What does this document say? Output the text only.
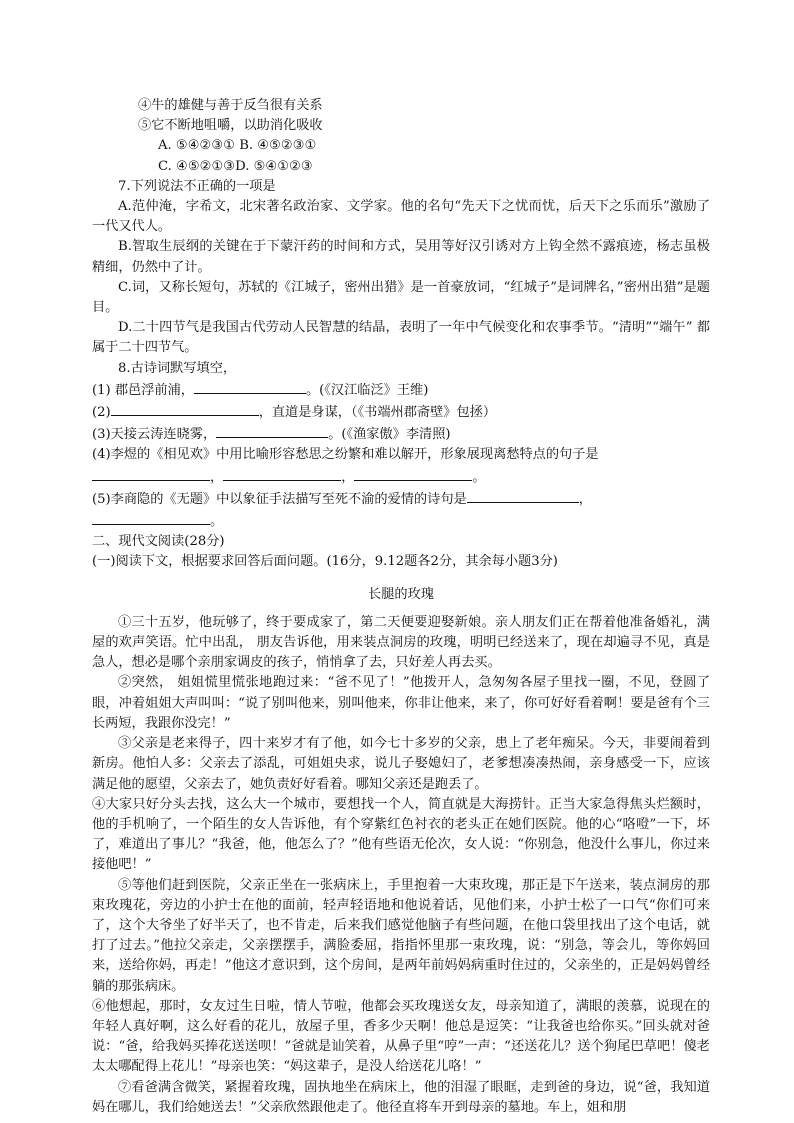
④牛的雄健与善于反刍很有关系
⑤它不断地咀嚼，以助消化吸收
A. ⑤④②③① B. ④⑤②③①
C. ④⑤②①③D. ⑤④①②③
7.下列说法不正确的一项是
A.范仲淹，字希文，北宋著名政治家、文学家。他的名句“先天下之忧而忧，后天下之乐而乐”激励了一代又代人。
B.智取生辰纲的关键在于下蒙汗药的时间和方式，吴用等好汉引诱对方上钩全然不露痕迹，杨志虽极精细，仍然中了计。
C.词，又称长短句，苏轼的《江城子，密州出猎》是一首豪放词，“红城子”是词牌名，”密州出猎”是题目。
D.二十四节气是我国古代劳动人民智慧的结晶，表明了一年中气候变化和农事季节。“清明”“端午” 都属于二十四节气。
8.古诗词默写填空，
(1) 郡邑浮前浦，	。(《汉江临泛》王维)
(2)	，直道是身谋，（《书端州郡斋壁》包拯）
(3)天接云涛连晓雾，	。(《渔家傲》李清照)
(4)李煜的《相见欢》中用比喻形容愁思之纷繁和难以解开，形象展现离愁特点的句子是
，	，	。
(5)李商隐的《无题》中以象征手法描写至死不渝的爱情的诗句是	，
。
二、现代文阅读(28分)
(一)阅读下文，根据要求回答后面问题。(16分，9.12题各2分，其余每小题3分)
长腿的玫瑰
①三十五岁，他玩够了，终于要成家了，第二天便要迎娶新娘。亲人朋友们正在帮着他准备婚礼，满屋的欢声笑语。忙中出乱， 朋友告诉他，用来装点洞房的玫瑰，明明已经送来了，现在却遍寻不见，真是急人，想必是哪个亲朋家调皮的孩子，悄悄拿了去，只好差人再去买。
②突然， 姐姐慌里慌张地跑过来：“爸不见了！”他拨开人，急匆匆各屋子里找一圈，不见，登圆了眼，冲着姐姐大声叫叫：“说了别叫他来，别叫他来，你非让他来，来了，你可好好看着啊！要是爸有个三长两短，我跟你没完！”
③父亲是老来得子，四十来岁才有了他，如今七十多岁的父亲，患上了老年痴呆。今天，非要闹着到新房。他怕人多：父亲去了添乱，可姐姐央求，说儿子娶媳妇了，老爹想凑凑热闹，亲身感受一下，应该满足他的愿望，父亲去了，她负责好好看着。哪知父亲还是跑丢了。
④大家只好分头去找，这么大一个城市，要想找一个人，简直就是大海捞针。正当大家急得焦头烂额时，他的手机响了，一个陌生的女人告诉他，有个穿紫红色衬衣的老头正在她们医院。他的心“咯噔”一下，坏了，难道出了事儿？“我爸，他，他怎么了？”他有些语无伦次，女人说：“你别急，他没什么事儿，你过来接他吧！”
⑤等他们赶到医院，父亲正坐在一张病床上，手里抱着一大束玫瑰，那正是下午送来，装点洞房的那束玫瑰花，旁边的小护士在他的面前，轻声轻语地和他说着话，见他们来，小护士松了一口气“你们可来了，这个大爷坐了好半天了，也不肯走，后来我们感觉他脑子有些问题，在他口袋里找出了这个电话，就打了过去。”他拉父亲走，父亲摆摆手，满脸委屈，指指怀里那一束玫瑰，说：“别急，等会儿，等你妈回来，送给你妈，再走！”他这才意识到，这个房间，是两年前妈妈病重时住过的，父亲坐的，正是妈妈曾经躺的那张病床。
⑥他想起，那时，女友过生日啦，情人节啦，他都会买玫瑰送女友，母亲知道了，满眼的羡慕，说现在的年轻人真好啊，这么好看的花儿，放屋子里，香多少天啊！他总是逗笑：“让我爸也给你买。”回头就对爸说：“爸，给我妈买捧花送送呗！”爸就是讪笑着，从鼻子里“哼”一声：“还送花儿？送个狗尾巴草吧！傻老太太哪配得上花儿！”母亲也笑：“妈这辈子，是没人给送花儿咯！”
⑦看爸满含微笑，紧握着玫瑰，固执地坐在病床上，他的泪湿了眼眶，走到爸的身边，说“爸，我知道妈在哪儿，我们给她送去！”父亲欣然跟他走了。他径直将车开到母亲的墓地。车上，姐和朋
